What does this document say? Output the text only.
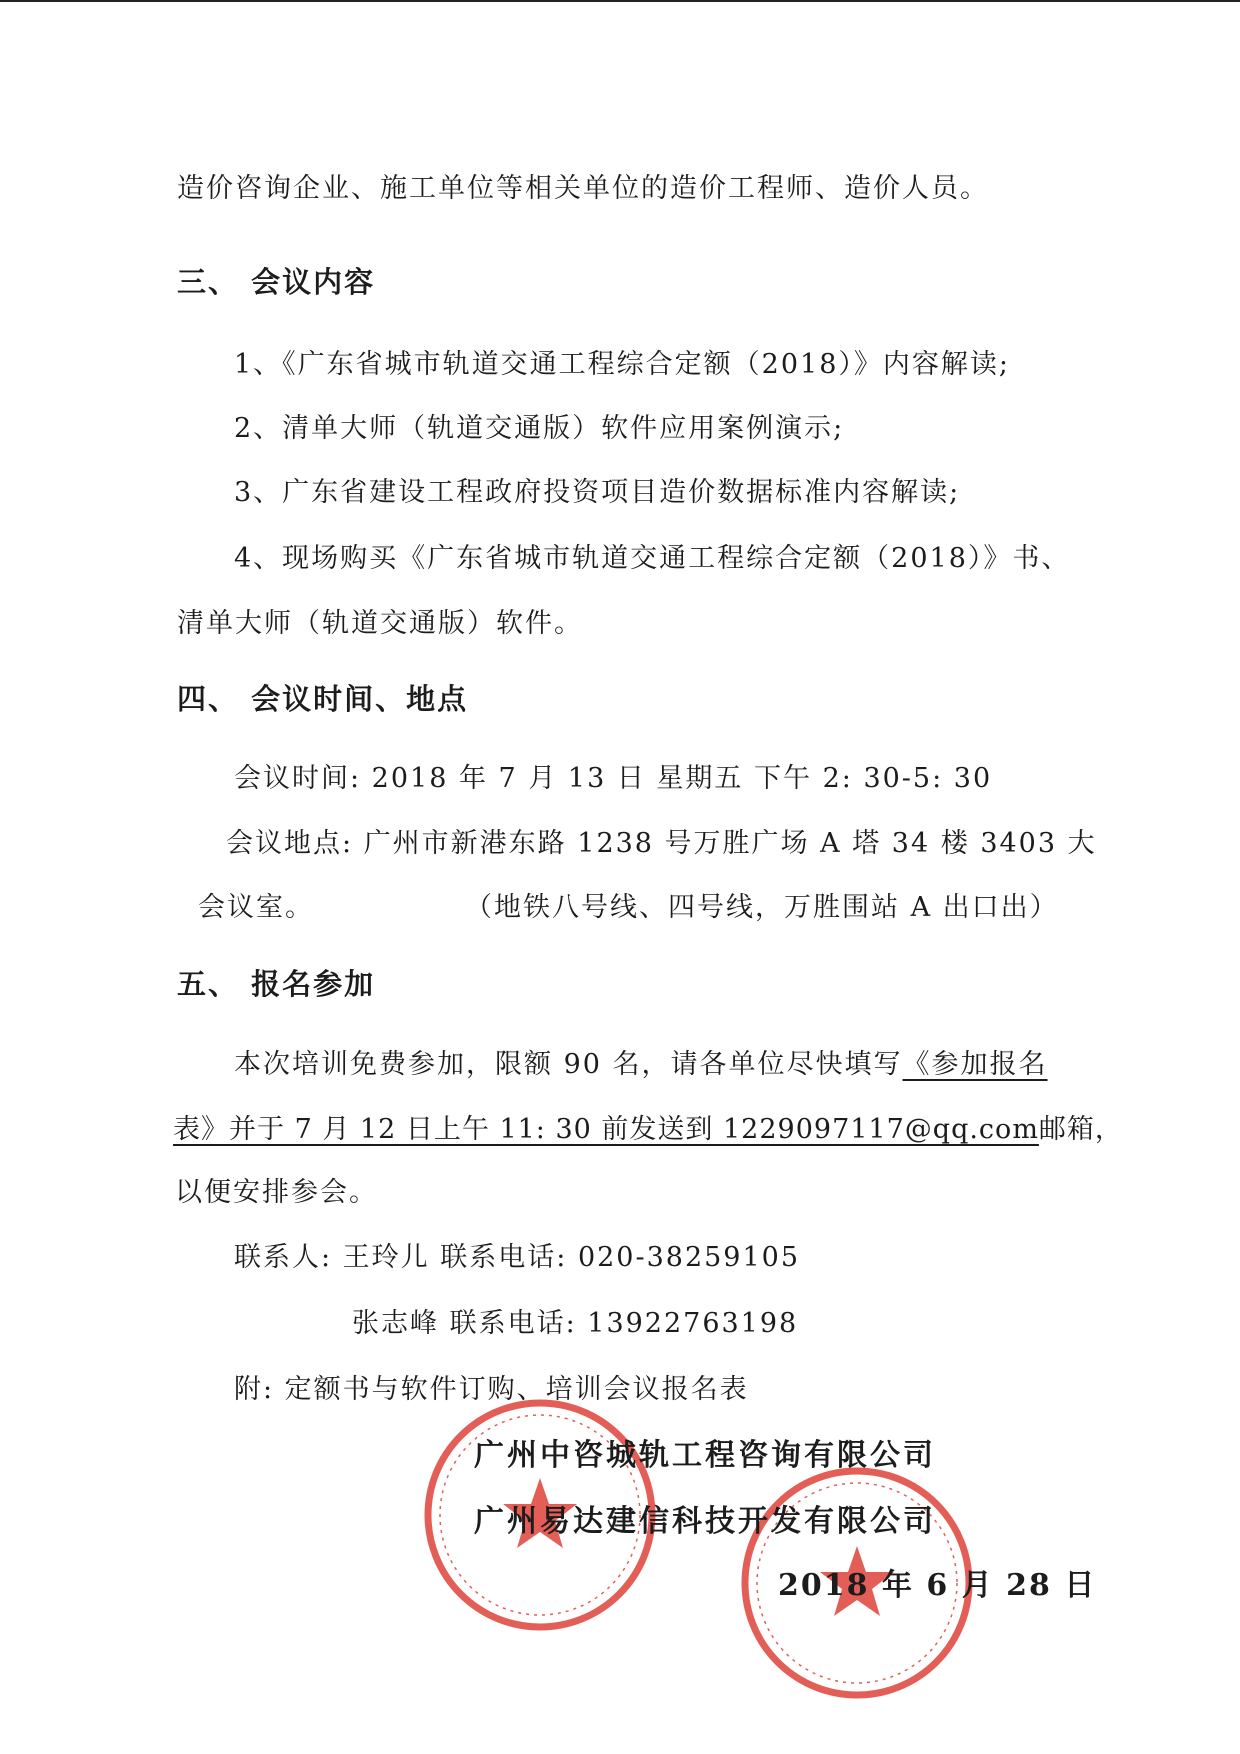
造价咨询企业、施工单位等相关单位的造价工程师、造价人员。
三、 会议内容
1、《广东省城市轨道交通工程综合定额（2018）》内容解读;
2、清单大师（轨道交通版）软件应用案例演示;
3、广东省建设工程政府投资项目造价数据标准内容解读;
4、现场购买《广东省城市轨道交通工程综合定额（2018）》书、
清单大师（轨道交通版）软件。
四、 会议时间、地点
会议时间: 2018 年 7 月 13 日 星期五 下午 2: 30-5: 30
会议地点: 广州市新港东路 1238 号万胜广场 A 塔 34 楼 3403 大
会议室。	（地铁八号线、四号线，万胜围站 A 出口出）
五、 报名参加
本次培训免费参加，限额 90 名，请各单位尽快填写《参加报名
表》并于 7 月 12 日上午 11: 30 前发送到 1229097117@qq.com邮箱，
以便安排参会。
联系人: 王玲儿 联系电话: 020-38259105
张志峰 联系电话: 13922763198
附: 定额书与软件订购、培训会议报名表
广州中咨城轨工程咨询有限公司
广州易达建信科技开发有限公司
2018 年 6 月 28 日
